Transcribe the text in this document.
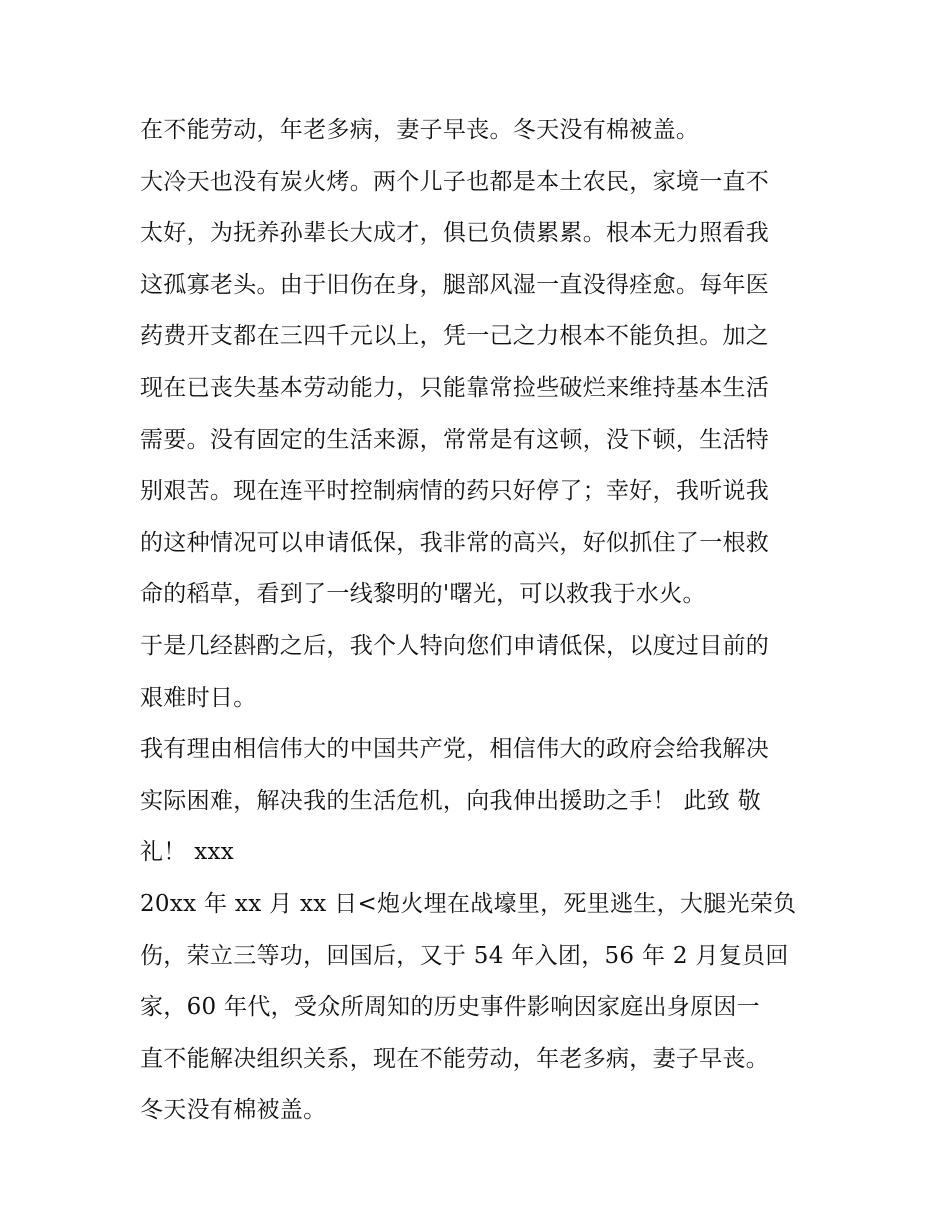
在不能劳动，年老多病，妻子早丧。冬天没有棉被盖。
大冷天也没有炭火烤。两个儿子也都是本土农民，家境一直不
太好，为抚养孙辈长大成才，俱已负债累累。根本无力照看我
这孤寡老头。由于旧伤在身，腿部风湿一直没得痊愈。每年医
药费开支都在三四千元以上，凭一己之力根本不能负担。加之
现在已丧失基本劳动能力，只能靠常捡些破烂来维持基本生活
需要。没有固定的生活来源，常常是有这顿，没下顿，生活特
别艰苦。现在连平时控制病情的药只好停了；幸好，我听说我
的这种情况可以申请低保，我非常的高兴，好似抓住了一根救
命的稻草，看到了一线黎明的'曙光，可以救我于水火。
于是几经斟酌之后，我个人特向您们申请低保，以度过目前的
艰难时日。
我有理由相信伟大的中国共产党，相信伟大的政府会给我解决
实际困难，解决我的生活危机，向我伸出援助之手！ 此致 敬
礼！ xxx
20xx 年 xx 月 xx 日<炮火埋在战壕里，死里逃生，大腿光荣负
伤，荣立三等功，回国后，又于 54 年入团，56 年 2 月复员回
家，60 年代，受众所周知的历史事件影响因家庭出身原因一
直不能解决组织关系，现在不能劳动，年老多病，妻子早丧。
冬天没有棉被盖。
